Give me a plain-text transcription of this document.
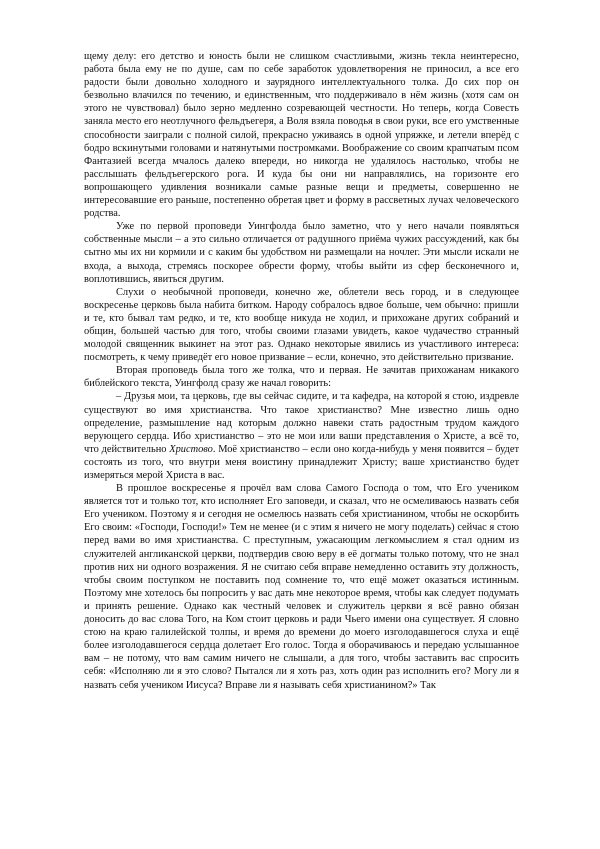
щему делу: его детство и юность были не слишком счастливыми, жизнь текла неинтересно, работа была ему не по душе, сам по себе заработок удовлетворения не приносил, а все его радости были довольно холодного и заурядного интеллектуального толка. До сих пор он безвольно влачился по течению, и единственным, что поддерживало в нём жизнь (хотя сам он этого не чувствовал) было зерно медленно созревающей честности. Но теперь, когда Совесть заняла место его неотлучного фельдъегеря, а Воля взяла поводья в свои руки, все его умственные способности заиграли с полной силой, прекрасно уживаясь в одной упряжке, и летели вперёд с бодро вскинутыми головами и натянутыми постромками. Воображение со своим крапчатым псом Фантазией всегда мчалось далеко впереди, но никогда не удалялось настолько, чтобы не расслышать фельдъегерского рога. И куда бы они ни направлялись, на горизонте его вопрошающего удивления возникали самые разные вещи и предметы, совершенно не интересовавшие его раньше, постепенно обретая цвет и форму в рассветных лучах человеческого родства.

Уже по первой проповеди Уингфолда было заметно, что у него начали появляться собственные мысли – а это сильно отличается от радушного приёма чужих рассуждений, как бы сытно мы их ни кормили и с каким бы удобством ни размещали на ночлег. Эти мысли искали не входа, а выхода, стремясь поскорее обрести форму, чтобы выйти из сфер бесконечного и, воплотившись, явиться другим.

Слухи о необычной проповеди, конечно же, облетели весь город, и в следующее воскресенье церковь была набита битком. Народу собралось вдвое больше, чем обычно: пришли и те, кто бывал там редко, и те, кто вообще никуда не ходил, и прихожане других собраний и общин, большей частью для того, чтобы своими глазами увидеть, какое чудачество странный молодой священник выкинет на этот раз. Однако некоторые явились из участливого интереса: посмотреть, к чему приведёт его новое призвание – если, конечно, это действительно призвание.

Вторая проповедь была того же толка, что и первая. Не зачитав прихожанам никакого библейского текста, Уингфолд сразу же начал говорить:

– Друзья мои, та церковь, где вы сейчас сидите, и та кафедра, на которой я стою, издревле существуют во имя христианства. Что такое христианство? Мне известно лишь одно определение, размышление над которым должно навеки стать радостным трудом каждого верующего сердца. Ибо христианство – это не мои или ваши представления о Христе, а всё то, что действительно Христово. Моё христианство – если оно когда-нибудь у меня появится – будет состоять из того, что внутри меня воистину принадлежит Христу; ваше христианство будет измеряться мерой Христа в вас.

В прошлое воскресенье я прочёл вам слова Самого Господа о том, что Его учеником является тот и только тот, кто исполняет Его заповеди, и сказал, что не осмеливаюсь назвать себя Его учеником. Поэтому я и сегодня не осмелюсь назвать себя христианином, чтобы не оскорбить Его своим: «Господи, Господи!» Тем не менее (и с этим я ничего не могу поделать) сейчас я стою перед вами во имя христианства. С преступным, ужасающим легкомыслием я стал одним из служителей англиканской церкви, подтвердив свою веру в её догматы только потому, что не знал против них ни одного возражения. Я не считаю себя вправе немедленно оставить эту должность, чтобы своим поступком не поставить под сомнение то, что ещё может оказаться истинным. Поэтому мне хотелось бы попросить у вас дать мне некоторое время, чтобы как следует подумать и принять решение. Однако как честный человек и служитель церкви я всё равно обязан доносить до вас слова Того, на Ком стоит церковь и ради Чьего имени она существует. Я словно стою на краю галилейской толпы, и время до времени до моего изголодавшегося слуха и ещё более изголодавшегося сердца долетает Его голос. Тогда я оборачиваюсь и передаю услышанное вам – не потому, что вам самим ничего не слышали, а для того, чтобы заставить вас спросить себя: «Исполняю ли я это слово? Пытался ли я хоть раз, хоть один раз исполнить его? Могу ли я назвать себя учеником Иисуса? Вправе ли я называть себя христианином?» Так
